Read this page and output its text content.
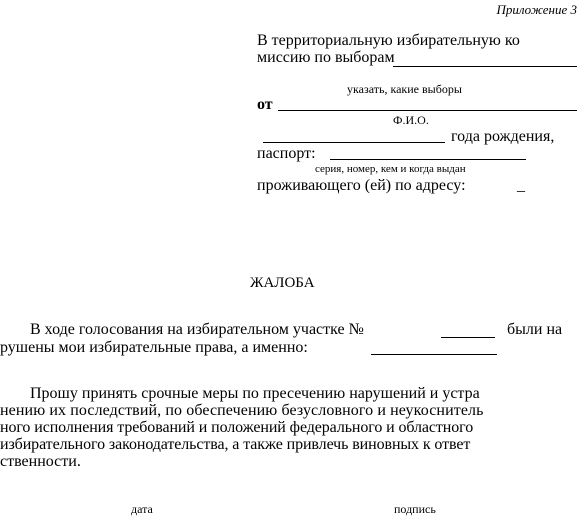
Приложение 3
В территориальную избирательную ко
миссию по выборам
указать, какие выборы
от
Ф.И.О.
года рождения,
паспорт:
серия, номер, кем и когда выдан
проживающего (ей) по адресу:	_
ЖАЛОБА
В ходе голосования на избирательном участке №	были на
рушены мои избирательные права, а именно:
Прошу принять срочные меры по пресечению нарушений и устра
нению их последствий, по обеспечению безусловного и неукоснитель
ного исполнения требований и положений федерального и областного
избирательного законодательства, а также привлечь виновных к ответ
ственности.
дата	подпись
